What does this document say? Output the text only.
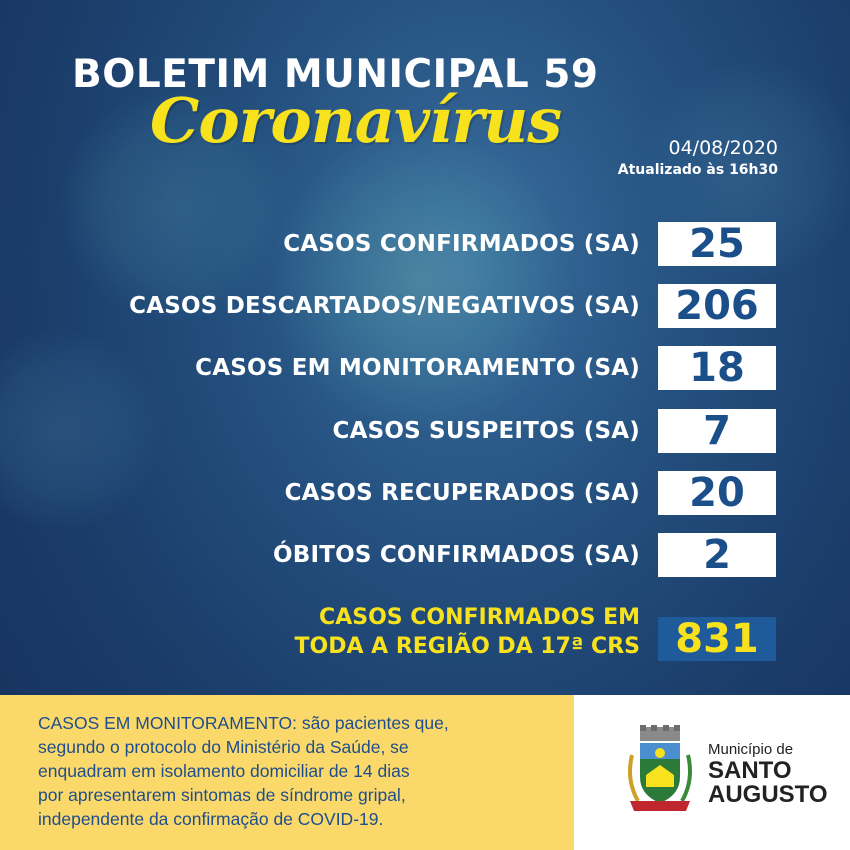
BOLETIM MUNICIPAL 59
Coronavírus	04/08/2020
Atualizado às 16h30
CASOS CONFIRMADOS (SA)	25
CASOS DESCARTADOS/NEGATIVOS (SA) 206
CASOS EM MONITORAMENTO (SA)	18
CASOS SUSPEITOS (SA)	7
CASOS RECUPERADOS (SA)	20
ÓBITOS CONFIRMADOS (SA)	2
CASOS CONFIRMADOS EM
TODA A REGIÃO DA 17ª CRS 831

CASOS EM MONITORAMENTO: são pacientes que,

segundo o protocolo do Ministério da Saúde, se

enquadram em isolamento domiciliar de 14 dias

por apresentarem sintomas de síndrome gripal,

independente da confirmação de COVID-19.

Município de
SANTO
AUGUSTO
